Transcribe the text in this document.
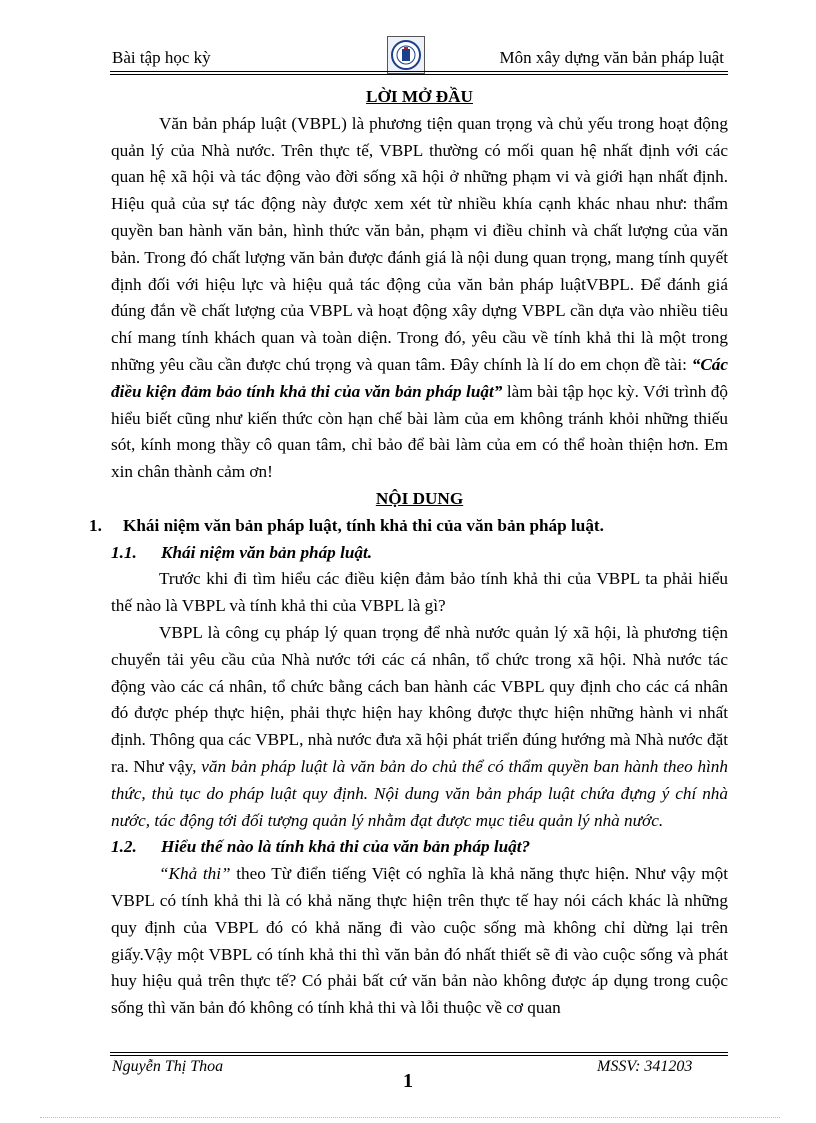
Bài tập học kỳ	Môn xây dựng văn bản pháp luật

LỜI MỞ ĐẦU

Văn bản pháp luật (VBPL) là phương tiện quan trọng và chủ yếu trong hoạt động quản lý của Nhà nước. Trên thực tế, VBPL thường có mối quan hệ nhất định với các quan hệ xã hội và tác động vào đời sống xã hội ở những phạm vi và giới hạn nhất định. Hiệu quả của sự tác động này được xem xét từ nhiều khía cạnh khác nhau như: thẩm quyền ban hành văn bản, hình thức văn bản, phạm vi điều chỉnh và chất lượng của văn bản. Trong đó chất lượng văn bản được đánh giá là nội dung quan trọng, mang tính quyết định đối với hiệu lực và hiệu quả tác động của văn bản pháp luậtVBPL. Để đánh giá đúng đắn về chất lượng của VBPL và hoạt động xây dựng VBPL cần dựa vào nhiều tiêu chí mang tính khách quan và toàn diện. Trong đó, yêu cầu về tính khả thi là một trong những yêu cầu cần được chú trọng và quan tâm. Đây chính là lí do em chọn đề tài: “Các điều kiện đảm bảo tính khả thi của văn bản pháp luật” làm bài tập học kỳ. Với trình độ hiểu biết cũng như kiến thức còn hạn chế bài làm của em không tránh khỏi những thiếu sót, kính mong thầy cô quan tâm, chỉ bảo để bài làm của em có thể hoàn thiện hơn. Em xin chân thành cảm ơn!

NỘI DUNG

1. Khái niệm văn bản pháp luật, tính khả thi của văn bản pháp luật.

1.1. Khái niệm văn bản pháp luật.

Trước khi đi tìm hiểu các điều kiện đảm bảo tính khả thi của VBPL ta phải hiểu thế nào là VBPL và tính khả thi của VBPL là gì?

VBPL là công cụ pháp lý quan trọng để nhà nước quản lý xã hội, là phương tiện chuyển tải yêu cầu của Nhà nước tới các cá nhân, tổ chức trong xã hội. Nhà nước tác động vào các cá nhân, tổ chức bằng cách ban hành các VBPL quy định cho các cá nhân đó được phép thực hiện, phải thực hiện hay không được thực hiện những hành vi nhất định. Thông qua các VBPL, nhà nước đưa xã hội phát triển đúng hướng mà Nhà nước đặt ra. Như vậy, văn bản pháp luật là văn bản do chủ thể có thẩm quyền ban hành theo hình thức, thủ tục do pháp luật quy định. Nội dung văn bản pháp luật chứa đựng ý chí nhà nước, tác động tới đối tượng quản lý nhằm đạt được mục tiêu quản lý nhà nước.

1.2. Hiểu thế nào là tính khả thi của văn bản pháp luật?

“Khả thi” theo Từ điển tiếng Việt có nghĩa là khả năng thực hiện. Như vậy một VBPL có tính khả thi là có khả năng thực hiện trên thực tế hay nói cách khác là những quy định của VBPL đó có khả năng đi vào cuộc sống mà không chỉ dừng lại trên giấy.Vậy một VBPL có tính khả thi thì văn bản đó nhất thiết sẽ đi vào cuộc sống và phát huy hiệu quả trên thực tế? Có phải bất cứ văn bản nào không được áp dụng trong cuộc sống thì văn bản đó không có tính khả thi và lỗi thuộc về cơ quan

Nguyễn Thị Thoa	MSSV: 341203
1
